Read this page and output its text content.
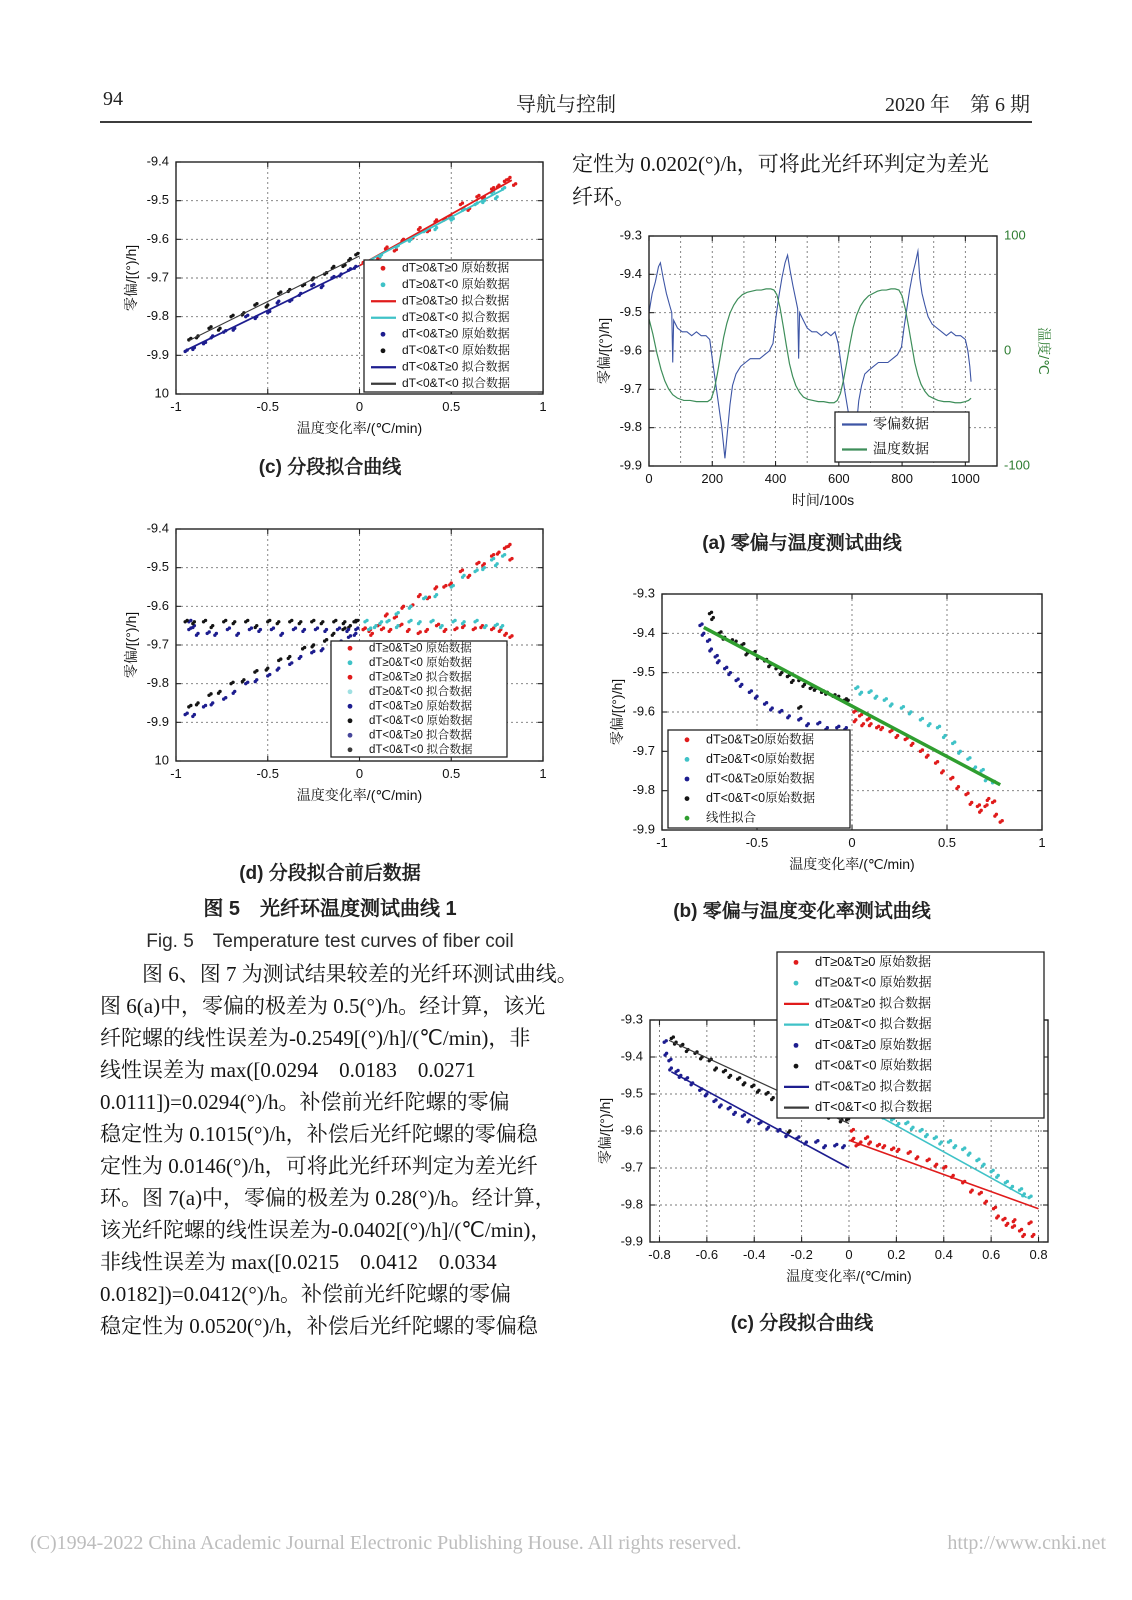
94	导航与控制	2020 年　第 6 期
(c) 分段拟合曲线
(d) 分段拟合前后数据
图 5　光纤环温度测试曲线 1
Fig. 5　Temperature test curves of fiber coil
图 6、图 7 为测试结果较差的光纤环测试曲线。
图 6(a)中，零偏的极差为 0.5(°)/h。经计算，该光
纤陀螺的线性误差为-0.2549[(°)/h]/(℃/min)，非
线性误差为 max([0.0294　0.0183　0.0271
0.0111])=0.0294(°)/h。补偿前光纤陀螺的零偏
稳定性为 0.1015(°)/h，补偿后光纤陀螺的零偏稳
定性为 0.0146(°)/h，可将此光纤环判定为差光纤
环。图 7(a)中，零偏的极差为 0.28(°)/h。经计算，
该光纤陀螺的线性误差为-0.0402[(°)/h]/(℃/min)，
非线性误差为 max([0.0215　0.0412　0.0334
0.0182])=0.0412(°)/h。补偿前光纤陀螺的零偏
稳定性为 0.0520(°)/h，补偿后光纤陀螺的零偏稳
定性为 0.0202(°)/h，可将此光纤环判定为差光
纤环。
(a) 零偏与温度测试曲线
(b) 零偏与温度变化率测试曲线
(c) 分段拟合曲线
(C)1994-2022 China Academic Journal Electronic Publishing House. All rights reserved.	http://www.cnki.net
